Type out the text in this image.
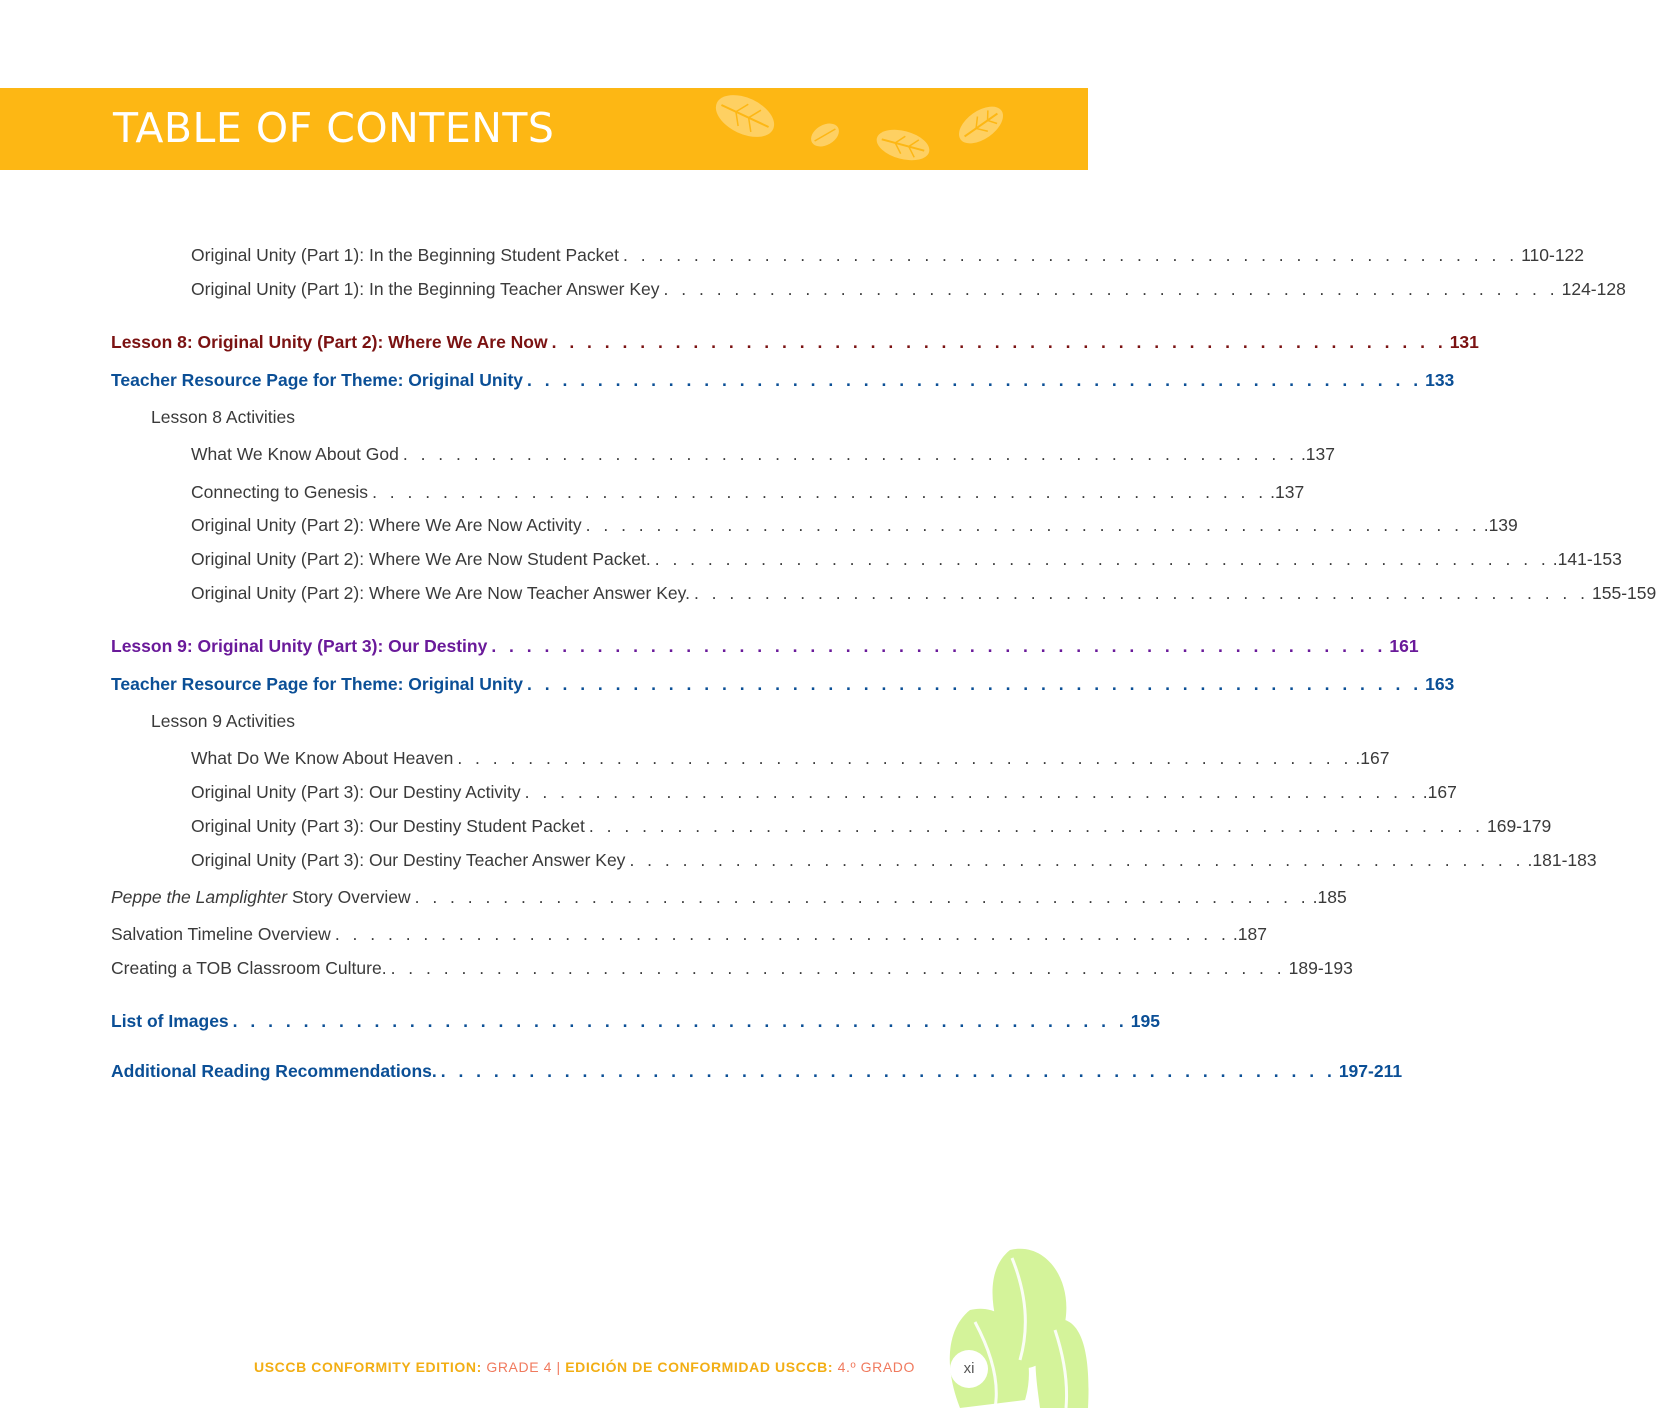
TABLE OF CONTENTS
Original Unity (Part 1): In the Beginning Student Packet . . . . . . . . . . . . . . . . . . . . . . . . . . . . . . . . . . . . . . . . . . . . . . . . . . . 110-122
Original Unity (Part 1): In the Beginning Teacher Answer Key . . . . . . . . . . . . . . . . . . . . . . . . . . . . . . . . . . . . . . . . . . . . . . . . . . . 124-128
Lesson 8: Original Unity (Part 2): Where We Are Now . . . . . . . . . . . . . . . . . . . . . . . . . . . . . . . . . . . . . . . . . . . . . . . . . . . 131
Teacher Resource Page for Theme: Original Unity . . . . . . . . . . . . . . . . . . . . . . . . . . . . . . . . . . . . . . . . . . . . . . . . . . . 133
Lesson 8 Activities
What We Know About God . . . . . . . . . . . . . . . . . . . . . . . . . . . . . . . . . . . . . . . . . . . . . . . . . . . .137
Connecting to Genesis . . . . . . . . . . . . . . . . . . . . . . . . . . . . . . . . . . . . . . . . . . . . . . . . . . . .137
Original Unity (Part 2): Where We Are Now Activity . . . . . . . . . . . . . . . . . . . . . . . . . . . . . . . . . . . . . . . . . . . . . . . . . . . .139
Original Unity (Part 2): Where We Are Now Student Packet. . . . . . . . . . . . . . . . . . . . . . . . . . . . . . . . . . . . . . . . . . . . . . . . . . . . .141-153
Original Unity (Part 2): Where We Are Now Teacher Answer Key. . . . . . . . . . . . . . . . . . . . . . . . . . . . . . . . . . . . . . . . . . . . . . . . . . . . 155-159
Lesson 9: Original Unity (Part 3): Our Destiny . . . . . . . . . . . . . . . . . . . . . . . . . . . . . . . . . . . . . . . . . . . . . . . . . . . 161
Teacher Resource Page for Theme: Original Unity . . . . . . . . . . . . . . . . . . . . . . . . . . . . . . . . . . . . . . . . . . . . . . . . . . . 163
Lesson 9 Activities
What Do We Know About Heaven . . . . . . . . . . . . . . . . . . . . . . . . . . . . . . . . . . . . . . . . . . . . . . . . . . . .167
Original Unity (Part 3): Our Destiny Activity . . . . . . . . . . . . . . . . . . . . . . . . . . . . . . . . . . . . . . . . . . . . . . . . . . . .167
Original Unity (Part 3): Our Destiny Student Packet . . . . . . . . . . . . . . . . . . . . . . . . . . . . . . . . . . . . . . . . . . . . . . . . . . . 169-179
Original Unity (Part 3): Our Destiny Teacher Answer Key . . . . . . . . . . . . . . . . . . . . . . . . . . . . . . . . . . . . . . . . . . . . . . . . . . . .181-183
Peppe the Lamplighter Story Overview . . . . . . . . . . . . . . . . . . . . . . . . . . . . . . . . . . . . . . . . . . . . . . . . . . . .185
Salvation Timeline Overview . . . . . . . . . . . . . . . . . . . . . . . . . . . . . . . . . . . . . . . . . . . . . . . . . . . .187
Creating a TOB Classroom Culture. . . . . . . . . . . . . . . . . . . . . . . . . . . . . . . . . . . . . . . . . . . . . . . . . . . . 189-193
List of Images . . . . . . . . . . . . . . . . . . . . . . . . . . . . . . . . . . . . . . . . . . . . . . . . . . . 195
Additional Reading Recommendations. . . . . . . . . . . . . . . . . . . . . . . . . . . . . . . . . . . . . . . . . . . . . . . . . . . . 197-211
USCCB CONFORMITY EDITION: GRADE 4 | EDICIÓN DE CONFORMIDAD USCCB: 4.º GRADO	xi
